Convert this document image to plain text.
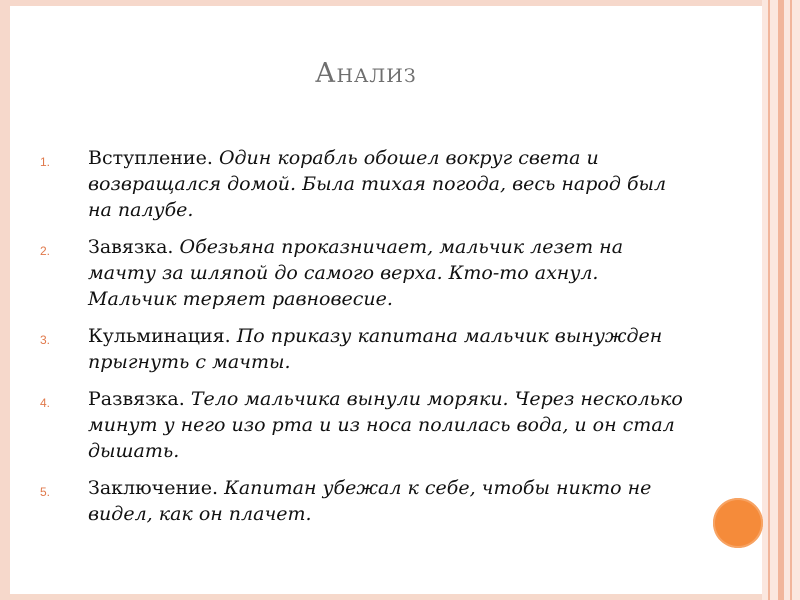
Анализ
1. Вступление. Один корабль обошел вокруг света и возвращался домой. Была тихая погода, весь народ был на палубе.
2. Завязка. Обезьяна проказничает, мальчик лезет на мачту за шляпой до самого верха. Кто-то ахнул. Мальчик теряет равновесие.
3. Кульминация. По приказу капитана мальчик вынужден прыгнуть с мачты.
4. Развязка. Тело мальчика вынули моряки. Через несколько минут у него изо рта и из носа полилась вода, и он стал дышать.
5. Заключение. Капитан убежал к себе, чтобы никто не видел, как он плачет.
